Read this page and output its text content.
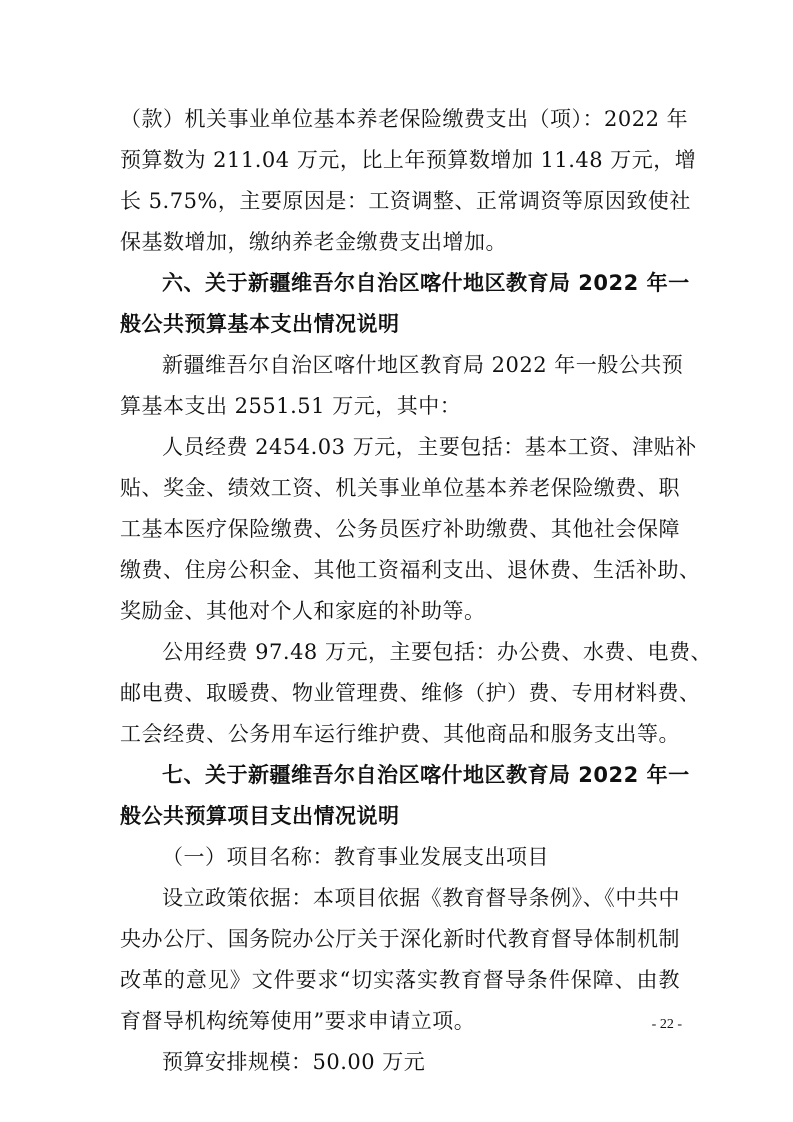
（款）机关事业单位基本养老保险缴费支出（项）：2022 年
预算数为 211.04 万元，比上年预算数增加 11.48 万元，增
长 5.75%，主要原因是：工资调整、正常调资等原因致使社
保基数增加，缴纳养老金缴费支出增加。
六、关于新疆维吾尔自治区喀什地区教育局 2022 年一
般公共预算基本支出情况说明
新疆维吾尔自治区喀什地区教育局 2022 年一般公共预
算基本支出 2551.51 万元，其中：
人员经费 2454.03 万元，主要包括：基本工资、津贴补
贴、奖金、绩效工资、机关事业单位基本养老保险缴费、职
工基本医疗保险缴费、公务员医疗补助缴费、其他社会保障
缴费、住房公积金、其他工资福利支出、退休费、生活补助、
奖励金、其他对个人和家庭的补助等。
公用经费 97.48 万元，主要包括：办公费、水费、电费、
邮电费、取暖费、物业管理费、维修（护）费、专用材料费、
工会经费、公务用车运行维护费、其他商品和服务支出等。
七、关于新疆维吾尔自治区喀什地区教育局 2022 年一
般公共预算项目支出情况说明
（一）项目名称：教育事业发展支出项目
设立政策依据：本项目依据《教育督导条例》、《中共中
央办公厅、国务院办公厅关于深化新时代教育督导体制机制
改革的意见》文件要求“切实落实教育督导条件保障、由教
育督导机构统筹使用”要求申请立项。
预算安排规模：50.00 万元
- 22 -
